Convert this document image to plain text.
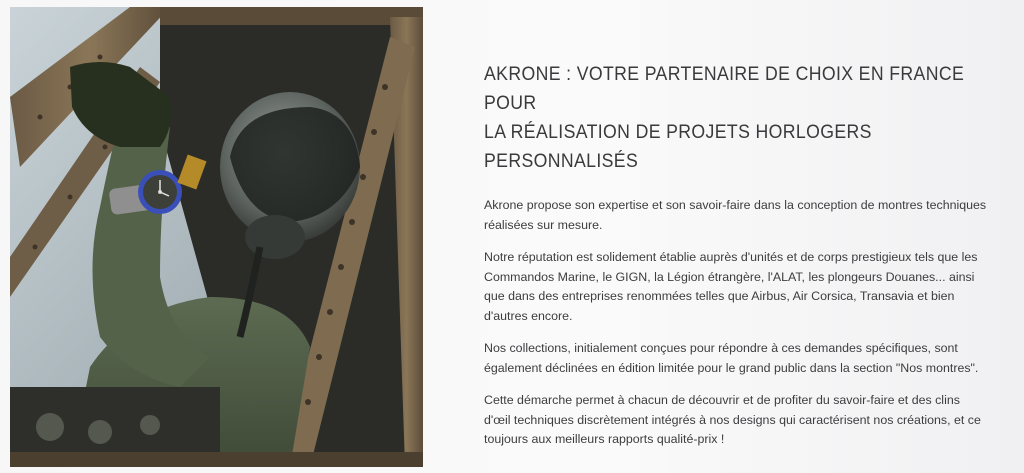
AKRONE : VOTRE PARTENAIRE DE CHOIX EN FRANCE POUR
LA RÉALISATION DE PROJETS HORLOGERS PERSONNALISÉS

Akrone propose son expertise et son savoir-faire dans la conception de montres techniques réalisées sur mesure.

Notre réputation est solidement établie auprès d'unités et de corps prestigieux tels que les Commandos Marine, le GIGN, la Légion étrangère, l'ALAT, les plongeurs Douanes... ainsi que dans des entreprises renommées telles que Airbus, Air Corsica, Transavia et bien d'autres encore.

Nos collections, initialement conçues pour répondre à ces demandes spécifiques, sont également déclinées en édition limitée pour le grand public dans la section "Nos montres".

Cette démarche permet à chacun de découvrir et de profiter du savoir-faire et des clins d'œil techniques discrètement intégrés à nos designs qui caractérisent nos créations, et ce toujours aux meilleurs rapports qualité-prix !
